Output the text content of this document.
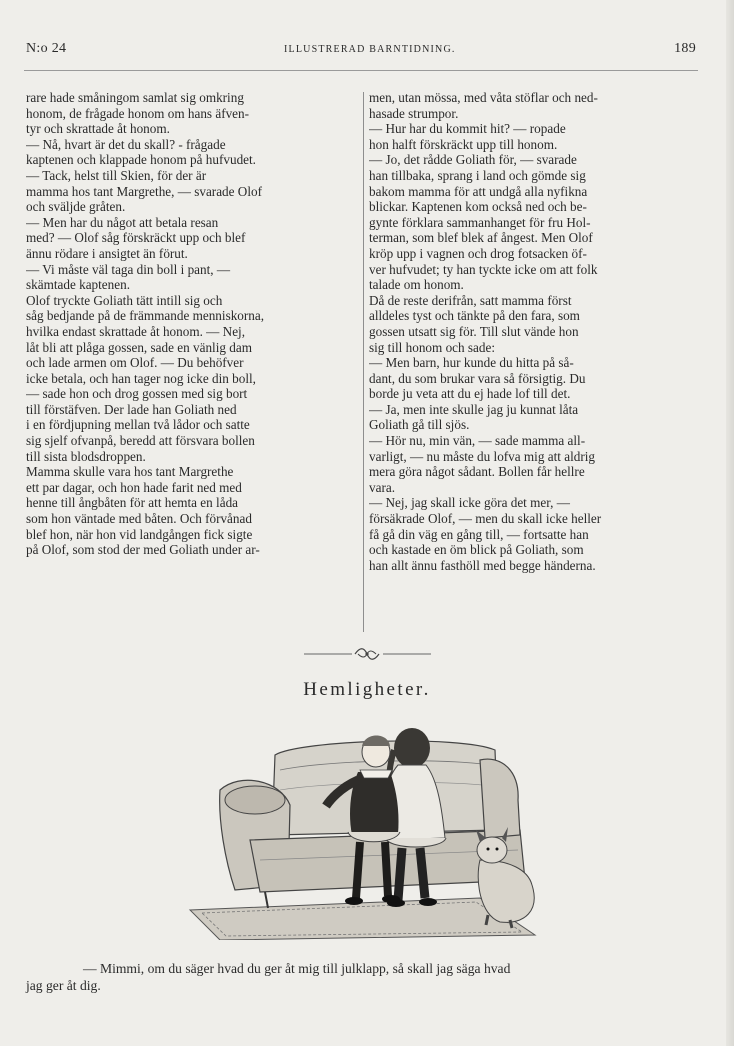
N:o 24	ILLUSTRERAD BARNTIDNING.	189
rare hade småningom samlat sig omkring
honom, de frågade honom om hans äfven-
tyr och skrattade åt honom.
— Nå, hvart är det du skall? - frågade
kaptenen och klappade honom på hufvudet.
— Tack, helst till Skien, för der är
mamma hos tant Margrethe, — svarade Olof
och sväljde gråten.
— Men har du något att betala resan
med? — Olof såg förskräckt upp och blef
ännu rödare i ansigtet än förut.
— Vi måste väl taga din boll i pant, —
skämtade kaptenen.
Olof tryckte Goliath tätt intill sig och
såg bedjande på de främmande menniskorna,
hvilka endast skrattade åt honom. — Nej,
låt bli att plåga gossen, sade en vänlig dam
och lade armen om Olof. — Du behöfver
icke betala, och han tager nog icke din boll,
— sade hon och drog gossen med sig bort
till förstäfven. Der lade han Goliath ned
i en fördjupning mellan två lådor och satte
sig sjelf ofvanpå, beredd att försvara bollen
till sista blodsdroppen.
Mamma skulle vara hos tant Margrethe
ett par dagar, och hon hade farit ned med
henne till ångbåten för att hemta en låda
som hon väntade med båten. Och förvånad
blef hon, när hon vid landgången fick sigte
på Olof, som stod der med Goliath under ar-
men, utan mössa, med våta stöflar och ned-
hasade strumpor.
— Hur har du kommit hit? — ropade
hon halft förskräckt upp till honom.
— Jo, det rådde Goliath för, — svarade
han tillbaka, sprang i land och gömde sig
bakom mamma för att undgå alla nyfikna
blickar. Kaptenen kom också ned och be-
gynte förklara sammanhanget för fru Hol-
terman, som blef blek af ångest. Men Olof
kröp upp i vagnen och drog fotsacken öf-
ver hufvudet; ty han tyckte icke om att folk
talade om honom.
Då de reste derifrån, satt mamma först
alldeles tyst och tänkte på den fara, som
gossen utsatt sig för. Till slut vände hon
sig till honom och sade:
— Men barn, hur kunde du hitta på så-
dant, du som brukar vara så försigtig. Du
borde ju veta att du ej hade lof till det.
— Ja, men inte skulle jag ju kunnat låta
Goliath gå till sjös.
— Hör nu, min vän, — sade mamma all-
varligt, — nu måste du lofva mig att aldrig
mera göra något sådant. Bollen får hellre
vara.
— Nej, jag skall icke göra det mer, —
försäkrade Olof, — men du skall icke heller
få gå din väg en gång till, — fortsatte han
och kastade en öm blick på Goliath, som
han allt ännu fasthöll med begge händerna.
Hemligheter.
— Mimmi, om du säger hvad du ger åt mig till julklapp, så skall jag säga hvad
jag ger åt dig.
